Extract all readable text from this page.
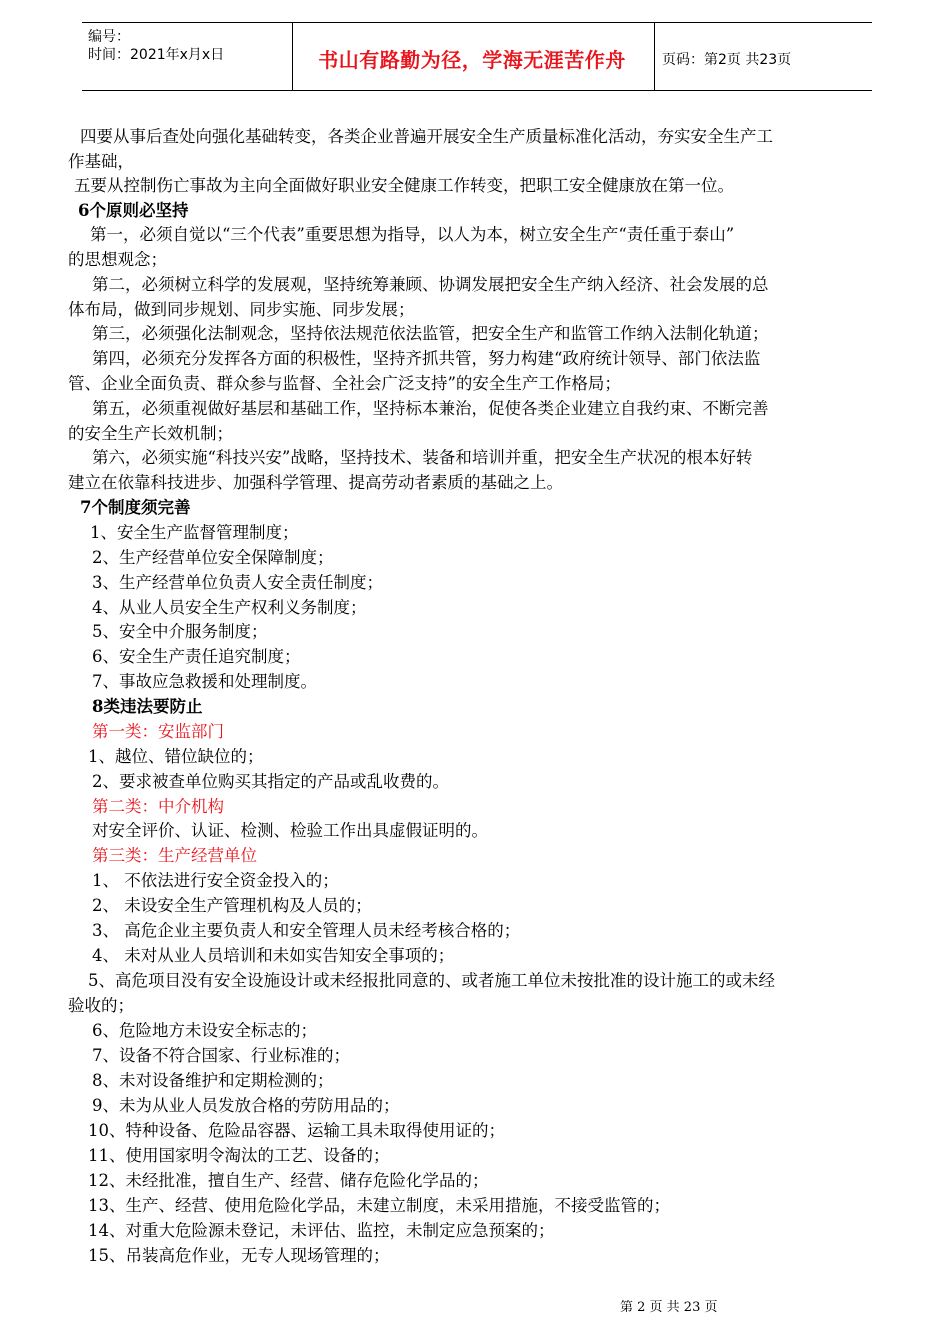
编号：
时间：2021年x月x日	书山有路勤为径，学海无涯苦作舟	页码：第2页 共23页
四要从事后查处向强化基础转变，各类企业普遍开展安全生产质量标准化活动，夯实安全生产工
作基础，
五要从控制伤亡事故为主向全面做好职业安全健康工作转变，把职工安全健康放在第一位。
6个原则必坚持
第一，必须自觉以“三个代表”重要思想为指导，以人为本，树立安全生产“责任重于泰山”
的思想观念；
第二，必须树立科学的发展观，坚持统筹兼顾、协调发展把安全生产纳入经济、社会发展的总
体布局，做到同步规划、同步实施、同步发展；
第三，必须强化法制观念，坚持依法规范依法监管，把安全生产和监管工作纳入法制化轨道；
第四，必须充分发挥各方面的积极性，坚持齐抓共管，努力构建“政府统计领导、部门依法监
管、企业全面负责、群众参与监督、全社会广泛支持”的安全生产工作格局；
第五，必须重视做好基层和基础工作，坚持标本兼治，促使各类企业建立自我约束、不断完善
的安全生产长效机制；
第六，必须实施“科技兴安”战略，坚持技术、装备和培训并重，把安全生产状况的根本好转
建立在依靠科技进步、加强科学管理、提高劳动者素质的基础之上。
7个制度须完善
1、安全生产监督管理制度；
2、生产经营单位安全保障制度；
3、生产经营单位负责人安全责任制度；
4、从业人员安全生产权利义务制度；
5、安全中介服务制度；
6、安全生产责任追究制度；
7、事故应急救援和处理制度。
8类违法要防止
第一类：安监部门
1、越位、错位缺位的；
2、要求被查单位购买其指定的产品或乱收费的。
第二类：中介机构
对安全评价、认证、检测、检验工作出具虚假证明的。
第三类：生产经营单位
1、 不依法进行安全资金投入的；
2、 未设安全生产管理机构及人员的；
3、 高危企业主要负责人和安全管理人员未经考核合格的；
4、 未对从业人员培训和未如实告知安全事项的；
5、高危项目没有安全设施设计或未经报批同意的、或者施工单位未按批准的设计施工的或未经
验收的；
6、危险地方未设安全标志的；
7、设备不符合国家、行业标准的；
8、未对设备维护和定期检测的；
9、未为从业人员发放合格的劳防用品的；
10、特种设备、危险品容器、运输工具未取得使用证的；
11、使用国家明令淘汰的工艺、设备的；
12、未经批准，擅自生产、经营、储存危险化学品的；
13、生产、经营、使用危险化学品，未建立制度，未采用措施，不接受监管的；
14、对重大危险源未登记，未评估、监控，未制定应急预案的；
15、吊装高危作业，无专人现场管理的；
第 2 页 共 23 页
